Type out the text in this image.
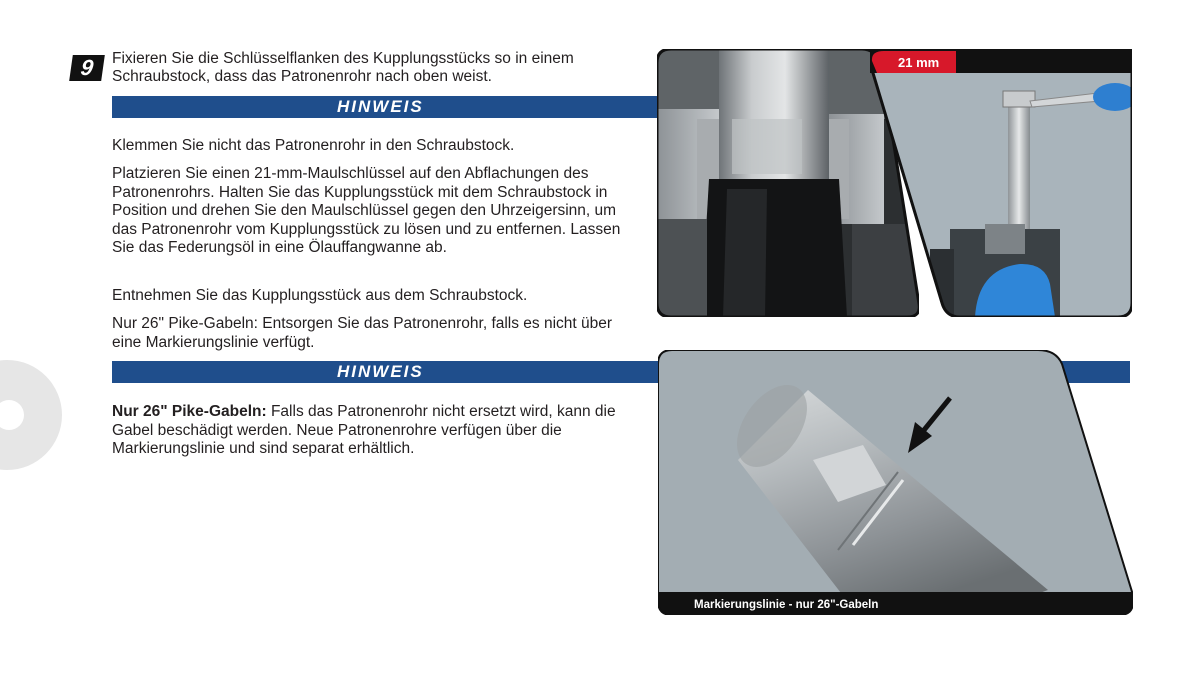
9	Fixieren Sie die Schlüsselflanken des Kupplungsstücks so in einem Schraubstock, dass das Patronenrohr nach oben weist.
HINWEIS

Klemmen Sie nicht das Patronenrohr in den Schraubstock.

Platzieren Sie einen 21-mm-Maulschlüssel auf den Abflachungen des Patronenrohrs. Halten Sie das Kupplungsstück mit dem Schraubstock in Position und drehen Sie den Maulschlüssel gegen den Uhrzeigersinn, um das Patronenrohr vom Kupplungsstück zu lösen und zu entfernen. Lassen Sie das Federungsöl in eine Ölauffangwanne ab.

Entnehmen Sie das Kupplungsstück aus dem Schraubstock.

Nur 26" Pike-Gabeln: Entsorgen Sie das Patronenrohr, falls es nicht über eine Markierungslinie verfügt.

HINWEIS

Nur 26" Pike-Gabeln: Falls das Patronenrohr nicht ersetzt wird, kann die Gabel beschädigt werden. Neue Patronenrohre verfügen über die Markierungslinie und sind separat erhältlich.

21 mm
Markierungslinie - nur 26"-Gabeln
